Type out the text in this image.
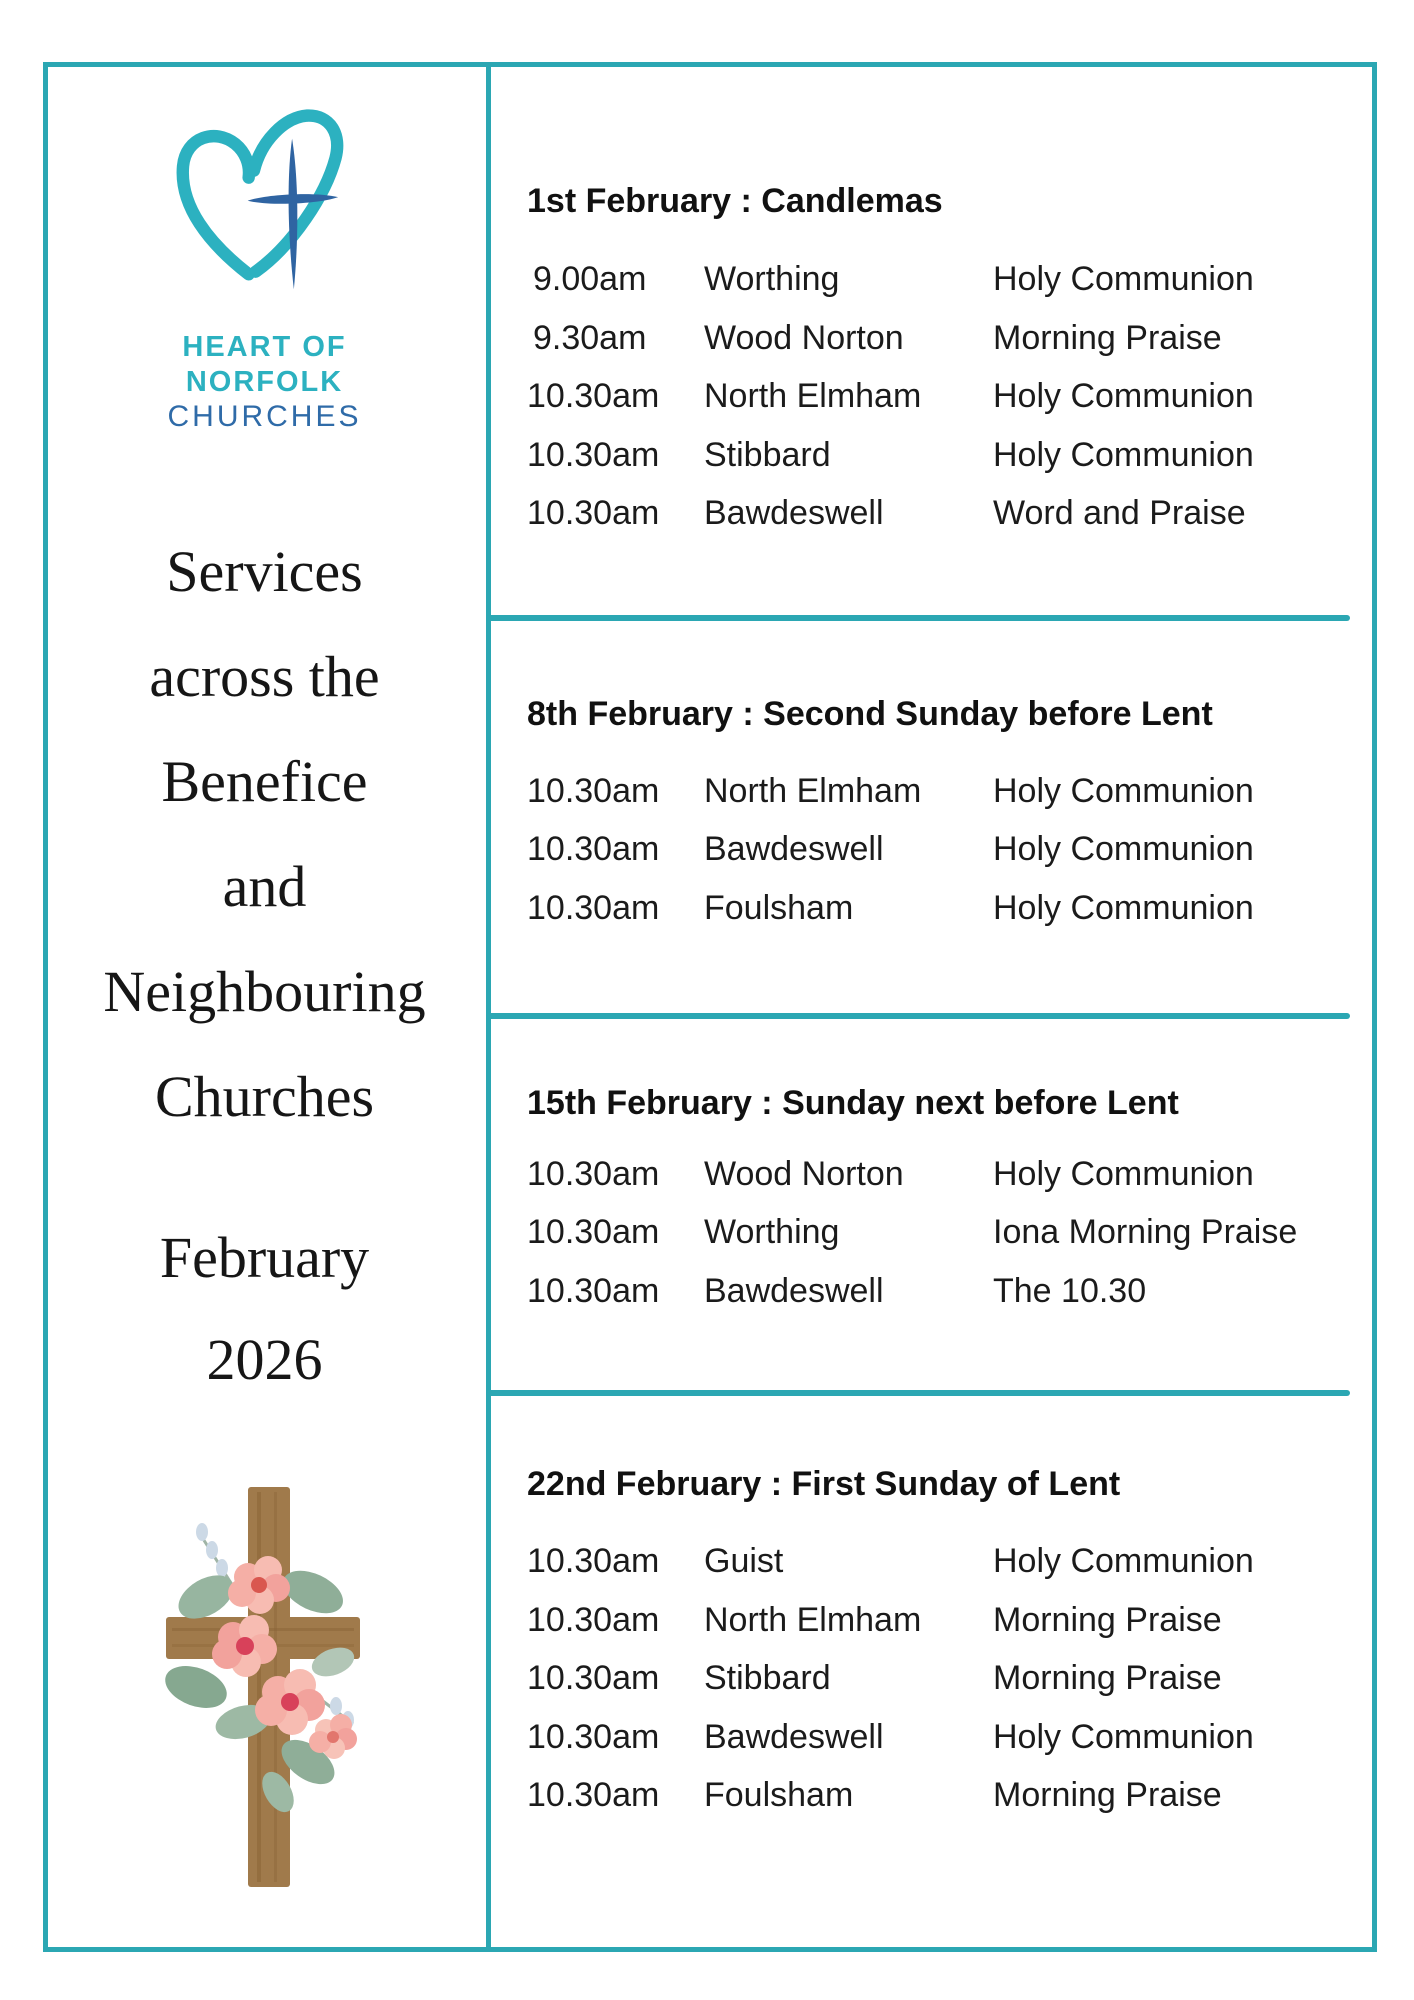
HEART OF
NORFOLK
CHURCHES
Services
across the
Benefice
and
Neighbouring
Churches
February
2026
1st February : Candlemas
9.00am Worthing	Holy Communion
9.30am Wood Norton	Morning Praise
10.30am North Elmham Holy Communion
10.30am Stibbard	Holy Communion
10.30am Bawdeswell	Word and Praise
8th February : Second Sunday before Lent
10.30am North Elmham Holy Communion
10.30am Bawdeswell	Holy Communion
10.30am Foulsham	Holy Communion
15th February : Sunday next before Lent
10.30am Wood Norton	Holy Communion
10.30am Worthing	Iona Morning Praise
10.30am Bawdeswell	The 10.30
22nd February : First Sunday of Lent
10.30am Guist	Holy Communion
10.30am North Elmham Morning Praise
10.30am Stibbard	Morning Praise
10.30am Bawdeswell	Holy Communion
10.30am Foulsham	Morning Praise
